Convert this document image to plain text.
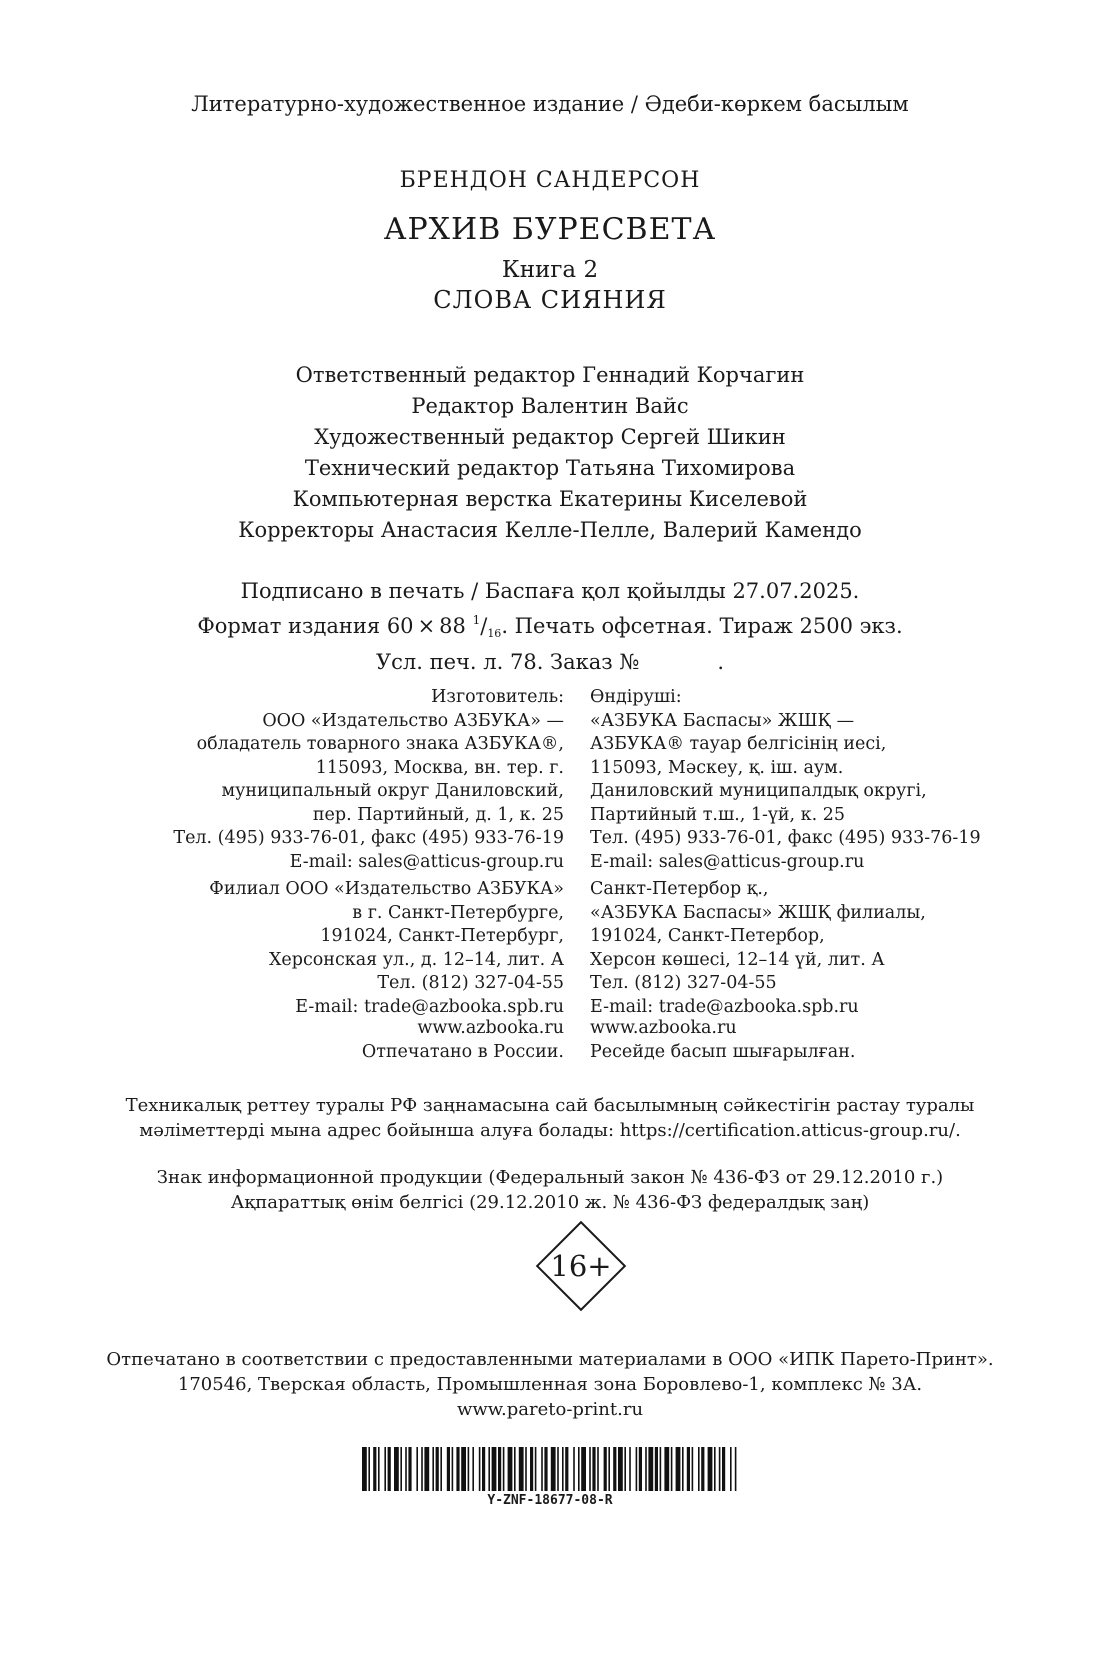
Литературно-художественное издание / Әдеби-көркем басылым
БРЕНДОН САНДЕРСОН
АРХИВ БУРЕСВЕТА
Книга 2
СЛОВА СИЯНИЯ
Ответственный редактор Геннадий Корчагин
Редактор Валентин Вайс
Художественный редактор Сергей Шикин
Технический редактор Татьяна Тихомирова
Компьютерная верстка Екатерины Киселевой
Корректоры Анастасия Келле-Пелле, Валерий Камендо
Подписано в печать / Баспаға қол қойылды 27.07.2025.
Формат издания 60 × 88 $^1/_{16}$. Печать офсетная. Тираж 2500 экз.
Усл. печ. л. 78. Заказ №	.
Изготовитель:
ООО «Издательство АЗБУКА» —
обладатель товарного знака АЗБУКА®,
115093, Москва, вн. тер. г.
муниципальный округ Даниловский,
пер. Партийный, д. 1, к. 25
Тел. (495) 933-76-01, факс (495) 933-76-19
E-mail: sales@atticus-group.ru
Өндіруші:
«АЗБУКА Баспасы» ЖШҚ —
АЗБУКА® тауар белгісінің иесі,
115093, Мәскеу, қ. іш. аум.
Даниловский муниципалдық округі,
Партийный т.ш., 1-үй, к. 25
Тел. (495) 933-76-01, факс (495) 933-76-19
E-mail: sales@atticus-group.ru
Филиал ООО «Издательство АЗБУКА»
в г. Санкт-Петербурге,
191024, Санкт-Петербург,
Херсонская ул., д. 12–14, лит. А
Тел. (812) 327-04-55
E-mail: trade@azbooka.spb.ru
Санкт-Петербор қ.,
«АЗБУКА Баспасы» ЖШҚ филиалы,
191024, Санкт-Петербор,
Херсон көшесі, 12–14 үй, лит. А
Тел. (812) 327-04-55
E-mail: trade@azbooka.spb.ru
www.azbooka.ru
Отпечатано в России.
www.azbooka.ru
Ресейде басып шығарылған.
Техникалық реттеу туралы РФ заңнамасына сай басылымның сәйкестігін растау туралы
мәліметтерді мына адрес бойынша алуға болады: https://certification.atticus-group.ru/.
Знак информационной продукции (Федеральный закон № 436-ФЗ от 29.12.2010 г.)
Ақпараттық өнім белгісі (29.12.2010 ж. № 436-ФЗ федералдық заң)
16+
Отпечатано в соответствии с предоставленными материалами в ООО «ИПК Парето-Принт».
170546, Тверская область, Промышленная зона Боровлево-1, комплекс № 3А.
www.pareto-print.ru
Y-ZNF-18677-08-R
